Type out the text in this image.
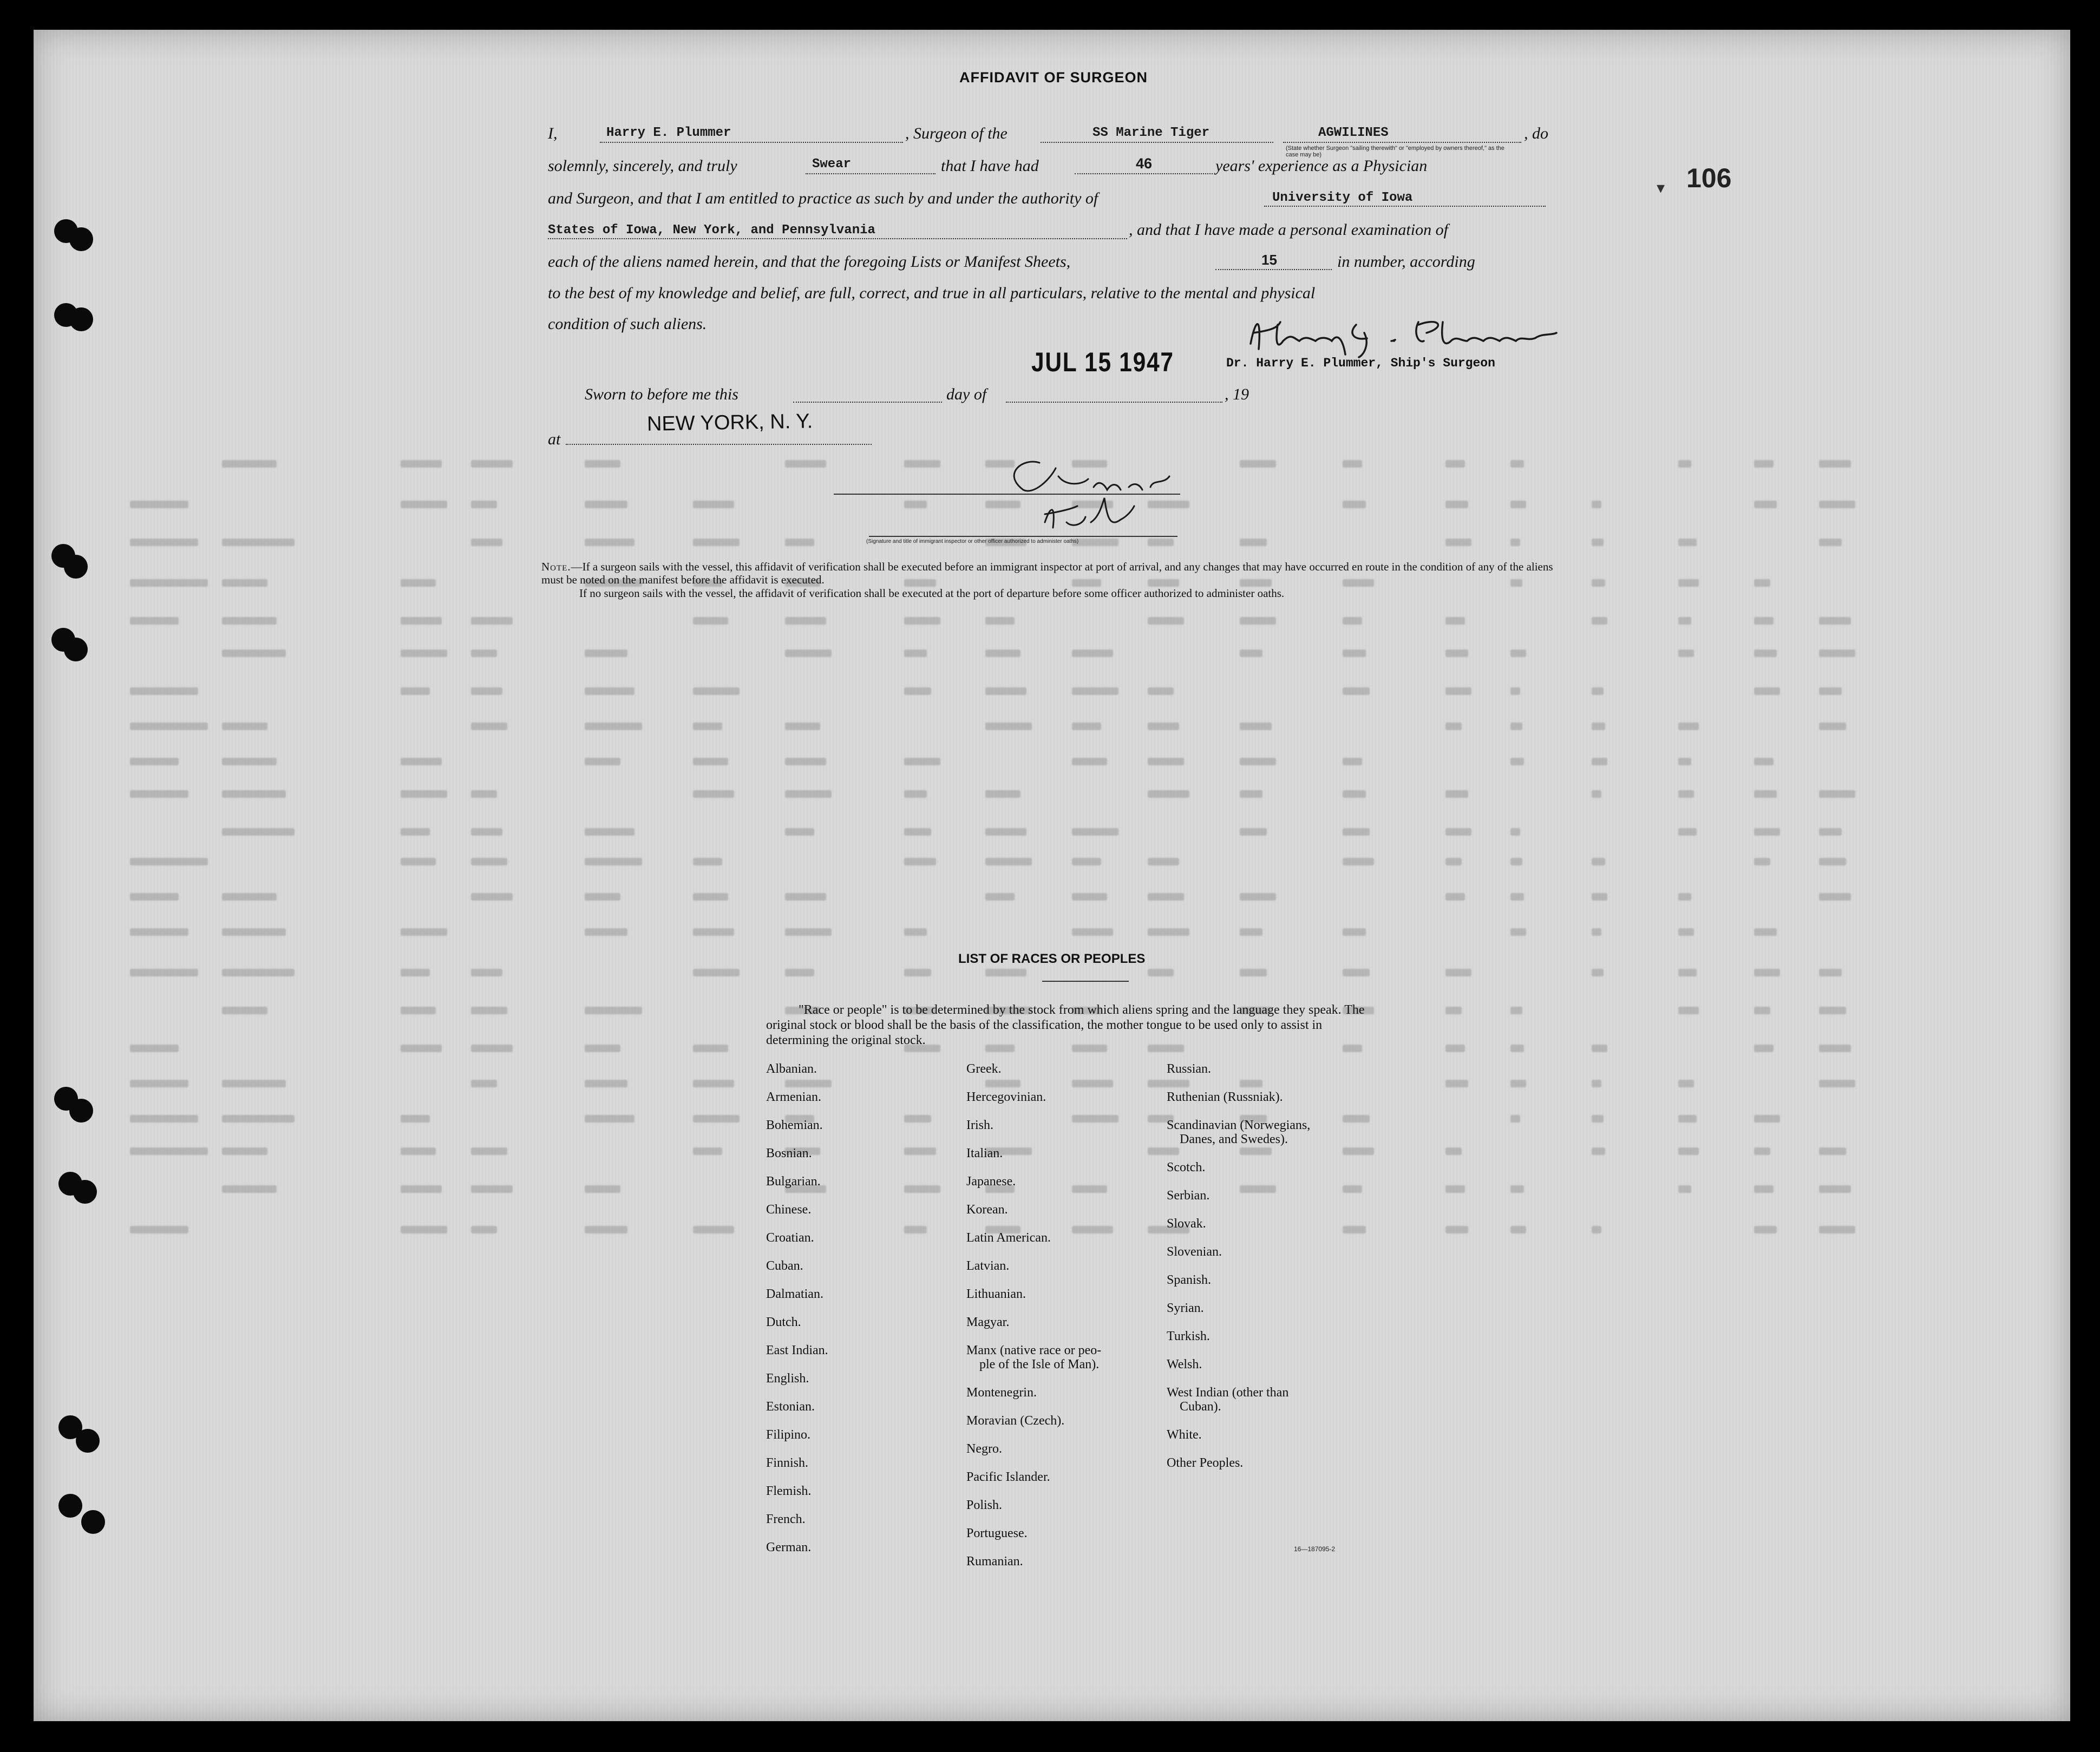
AFFIDAVIT OF SURGEON
▾ 106
I,	Harry E. Plummer	, Surgeon of the	SS Marine Tiger	AGWILINES	, do
(State whether Surgeon "sailing therewith" or "employed by owners thereof," as the case may be)
solemnly, sincerely, and truly	Swear	that I have had	46	years' experience as a Physician
and Surgeon, and that I am entitled to practice as such by and under the authority of	University of Iowa
States of Iowa, New York, and Pennsylvania	, and that I have made a personal examination of
each of the aliens named herein, and that the foregoing Lists or Manifest Sheets,	15	in number, according
to the best of my knowledge and belief, are full, correct, and true in all particulars, relative to the mental and physical
condition of such aliens.
Dr. Harry E. Plummer, Ship's Surgeon
Sworn to before me this	day of
JUL 15 1947
, 19
at
NEW YORK, N. Y.
(Signature and title of immigrant inspector or other officer authorized to administer oaths)
Note.—If a surgeon sails with the vessel, this affidavit of verification shall be executed before an immigrant inspector at port of arrival, and any changes that may have occurred en route in the condition of any of the aliens must be noted on the manifest before the affidavit is executed.
If no surgeon sails with the vessel, the affidavit of verification shall be executed at the port of departure before some officer authorized to administer oaths.
LIST OF RACES OR PEOPLES
"Race or people" is to be determined by the stock from which aliens spring and the language they speak. The original stock or blood shall be the basis of the classification, the mother tongue to be used only to assist in determining the original stock.
Albanian.
Armenian.
Bohemian.
Bosnian.
Bulgarian.
Chinese.
Croatian.
Cuban.
Dalmatian.
Dutch.
East Indian.
English.
Estonian.
Filipino.
Finnish.
Flemish.
French.
German.
Greek.
Hercegovinian.
Irish.
Italian.
Japanese.
Korean.
Latin American.
Latvian.
Lithuanian.
Magyar.
Manx (native race or peo-
ple of the Isle of Man).
Montenegrin.
Moravian (Czech).
Negro.
Pacific Islander.
Polish.
Portuguese.
Rumanian.
Russian.
Ruthenian (Russniak).
Scandinavian (Norwegians,
Danes, and Swedes).
Scotch.
Serbian.
Slovak.
Slovenian.
Spanish.
Syrian.
Turkish.
Welsh.
West Indian (other than
Cuban).
White.
Other Peoples.
16—187095-2
